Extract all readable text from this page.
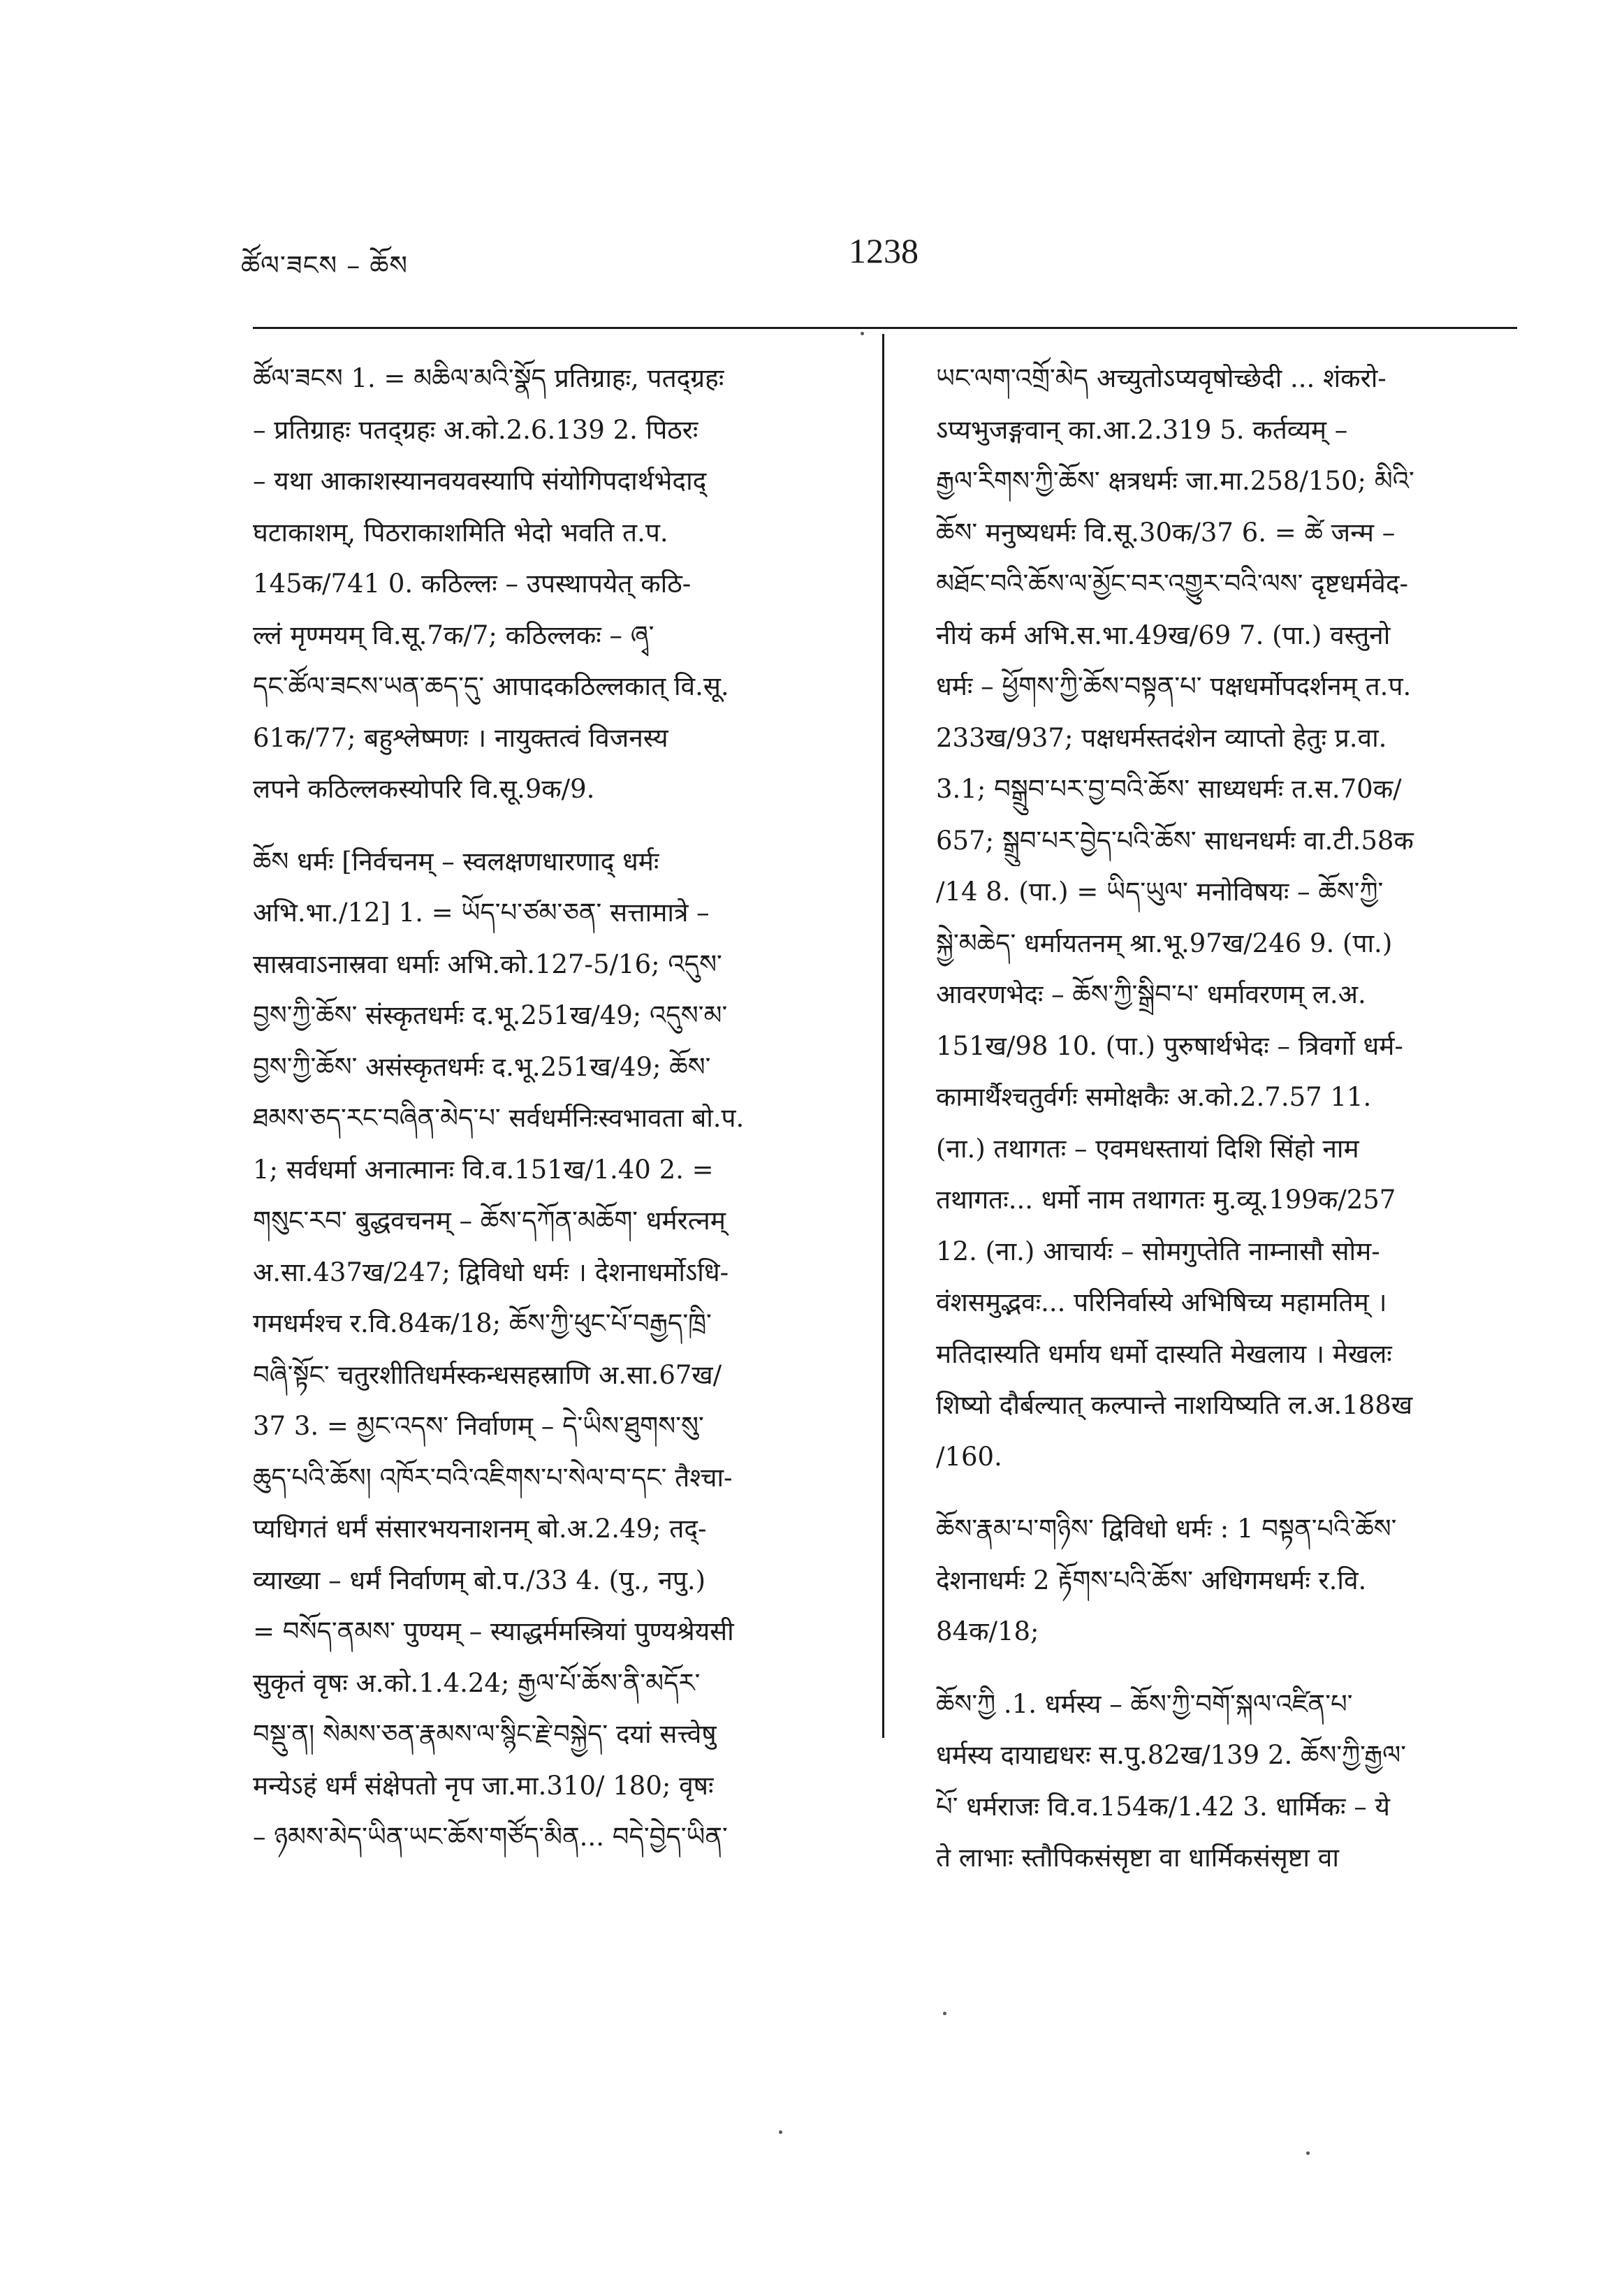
ཚོལ་ཟངས – ཆོས	1238
ཚོལ་ཟངས 1. = མཆིལ་མའི་སྣོད प्रतिग्राहः, पतद्ग्रहः
– प्रतिग्राहः पतद्ग्रहः अ.को.2.6.139 2. पिठरः
– यथा आकाशस्यानवयवस्यापि संयोगिपदार्थभेदाद्
घटाकाशम्, पिठराकाशमिति भेदो भवति त.प.
145क/741 0. कठिल्लः – उपस्थापयेत् कठि-
ल्लं मृण्मयम् वि.सू.7क/7; कठिल्लकः – ཞྭ་
དང་ཚོལ་ཟངས་ཡན་ཆད་དུ་ आपादकठिल्लकात् वि.सू.
61क/77; बहुश्लेष्मणः । नायुक्तत्वं विजनस्य
लपने कठिल्लकस्योपरि वि.सू.9क/9.
ཆོས धर्मः [निर्वचनम् – स्वलक्षणधारणाद् धर्मः
अभि.भा./12] 1. = ཡོད་པ་ཙམ་ཅན་ सत्तामात्रे –
सास्रवाऽनास्रवा धर्माः अभि.को.127-5/16; འདུས་
བྱས་ཀྱི་ཆོས་ संस्कृतधर्मः द.भू.251ख/49; འདུས་མ་
བྱས་ཀྱི་ཆོས་ असंस्कृतधर्मः द.भू.251ख/49; ཆོས་
ཐམས་ཅད་རང་བཞིན་མེད་པ་ सर्वधर्मनिःस्वभावता बो.प.
1; सर्वधर्मा अनात्मानः वि.व.151ख/1.40 2. =
གསུང་རབ་ बुद्धवचनम् – ཆོས་དཀོན་མཆོག་ धर्मरत्नम्
अ.सा.437ख/247; द्विविधो धर्मः । देशनाधर्मोऽधि-
गमधर्मश्च र.वि.84क/18; ཆོས་ཀྱི་ཕུང་པོ་བརྒྱད་ཁྲི་
བཞི་སྟོང་ चतुरशीतिधर्मस्कन्धसहस्राणि अ.सा.67ख/
37 3. = མྱང་འདས་ निर्वाणम् – དེ་ཡིས་ཐུགས་སུ་
ཆུད་པའི་ཆོས། འཁོར་བའི་འཇིགས་པ་སེལ་བ་དང་ तैश्चा-
प्यधिगतं धर्मं संसारभयनाशनम् बो.अ.2.49; तद्-
व्याख्या – धर्मं निर्वाणम् बो.प./33 4. (पु., नपु.)
= བསོད་ནམས་ पुण्यम् – स्याद्धर्ममस्त्रियां पुण्यश्रेयसी
सुकृतं वृषः अ.को.1.4.24; རྒྱལ་པོ་ཆོས་ནི་མདོར་
བསྡུ་ན། སེམས་ཅན་རྣམས་ལ་སྙིང་རྗེ་བསྐྱེད་ दयां सत्त्वेषु
मन्येऽहं धर्मं संक्षेपतो नृप जा.मा.310/ 180; वृषः
– ཉམས་མེད་ཡིན་ཡང་ཆོས་གཙོད་མིན... བདེ་བྱེད་ཡིན་
ཡང་ལག་འགྲོ་མེད अच्युतोऽप्यवृषोच्छेदी ... शंकरो-
ऽप्यभुजङ्गवान् का.आ.2.319 5. कर्तव्यम् –
རྒྱལ་རིགས་ཀྱི་ཆོས་ क्षत्रधर्मः जा.मा.258/150; མིའི་
ཆོས་ मनुष्यधर्मः वि.सू.30क/37 6. = ཚེ जन्म –
མཐོང་བའི་ཆོས་ལ་མྱོང་བར་འགྱུར་བའི་ལས་ दृष्टधर्मवेद-
नीयं कर्म अभि.स.भा.49ख/69 7. (पा.) वस्तुनो
धर्मः – ཕྱོགས་ཀྱི་ཆོས་བསྟན་པ་ पक्षधर्मोपदर्शनम् त.प.
233ख/937; पक्षधर्मस्तदंशेन व्याप्तो हेतुः प्र.वा.
3.1; བསྒྲུབ་པར་བྱ་བའི་ཆོས་ साध्यधर्मः त.स.70क/
657; སྒྲུབ་པར་བྱེད་པའི་ཆོས་ साधनधर्मः वा.टी.58क
/14 8. (पा.) = ཡིད་ཡུལ་ मनोविषयः – ཆོས་ཀྱི་
སྐྱེ་མཆེད་ धर्मायतनम् श्रा.भू.97ख/246 9. (पा.)
आवरणभेदः – ཆོས་ཀྱི་སྒྲིབ་པ་ धर्मावरणम् ल.अ.
151ख/98 10. (पा.) पुरुषार्थभेदः – त्रिवर्गो धर्म-
कामार्थैश्चतुर्वर्गः समोक्षकैः अ.को.2.7.57 11.
(ना.) तथागतः – एवमधस्तायां दिशि सिंहो नाम
तथागतः... धर्मो नाम तथागतः मु.व्यू.199क/257
12. (ना.) आचार्यः – सोमगुप्तेति नाम्नासौ सोम-
वंशसमुद्भवः... परिनिर्वास्ये अभिषिच्य महामतिम् ।
मतिदास्यति धर्माय धर्मो दास्यति मेखलाय । मेखलः
शिष्यो दौर्बल्यात् कल्पान्ते नाशयिष्यति ल.अ.188ख
/160.
ཆོས་རྣམ་པ་གཉིས་ द्विविधो धर्मः : 1 བསྟན་པའི་ཆོས་
देशनाधर्मः 2 རྟོགས་པའི་ཆོས་ अधिगमधर्मः र.वि.
84क/18;
ཆོས་ཀྱི .1. धर्मस्य – ཆོས་ཀྱི་བགོ་སྐལ་འཛིན་པ་
धर्मस्य दायाद्यधरः स.पु.82ख/139 2. ཆོས་ཀྱི་རྒྱལ་
པོ་ धर्मराजः वि.व.154क/1.42 3. धार्मिकः – ये
ते लाभाः स्तौपिकसंसृष्टा वा धार्मिकसंसृष्टा वा
